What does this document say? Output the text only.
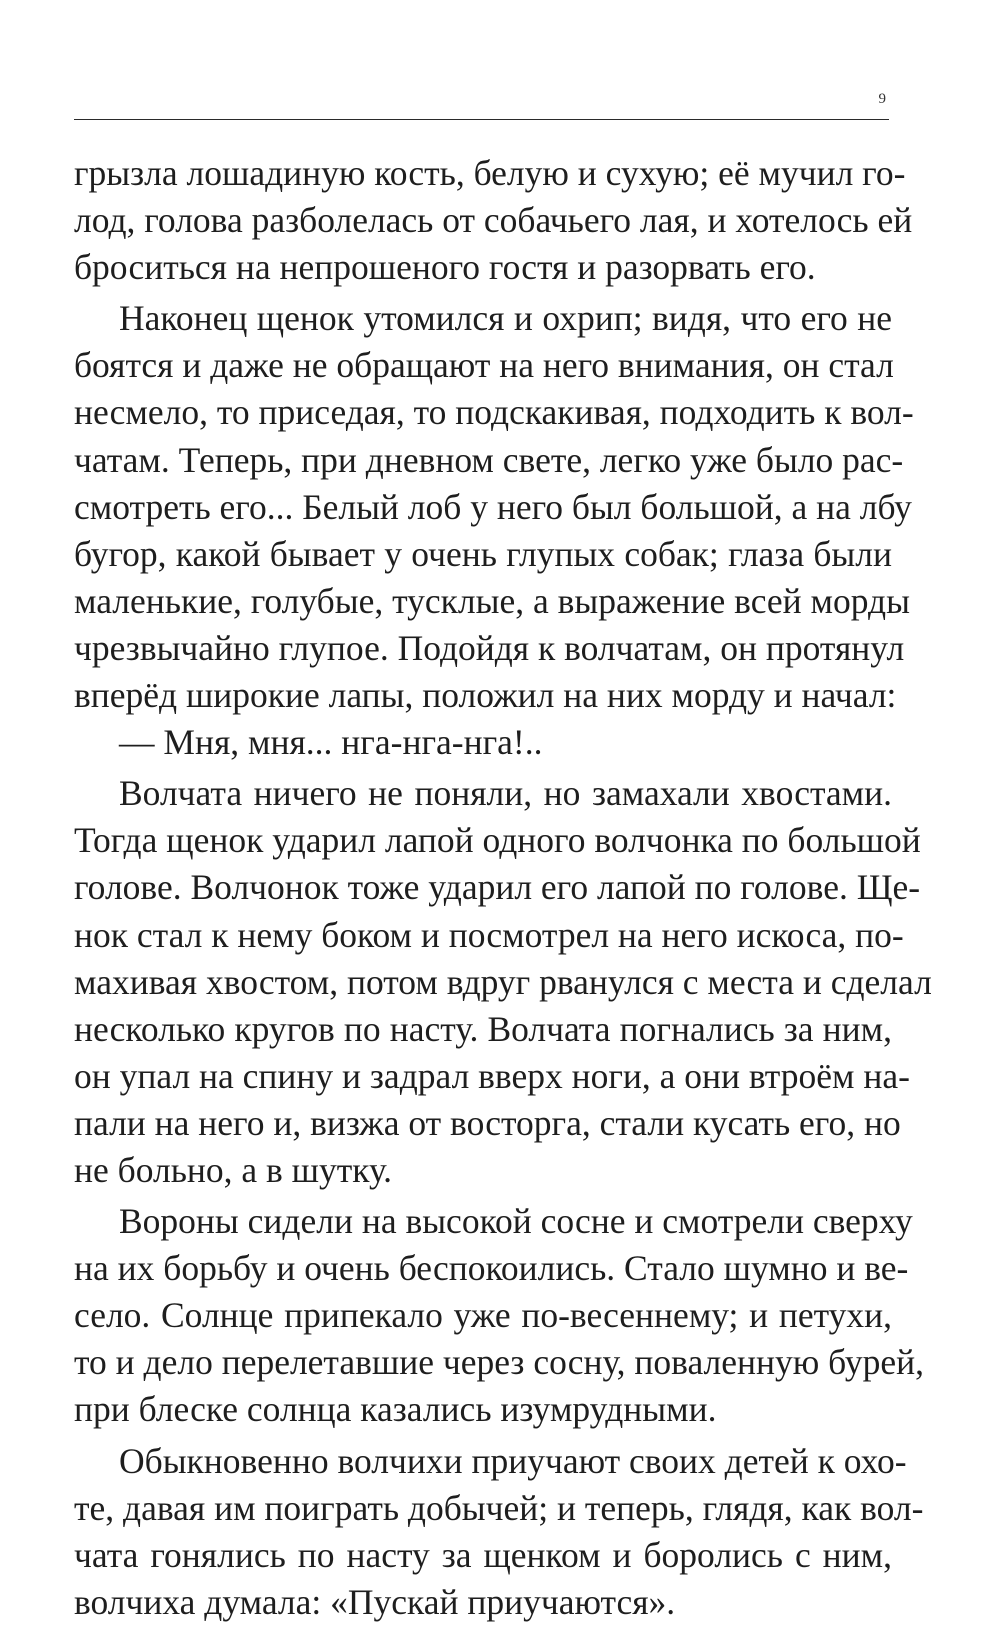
9
грызла лошадиную кость, белую и сухую; её мучил го-
лод, голова разболелась от собачьего лая, и хотелось ей
броситься на непрошеного гостя и разорвать его.
Наконец щенок утомился и охрип; видя, что его не
боятся и даже не обращают на него внимания, он стал
несмело, то приседая, то подскакивая, подходить к вол-
чатам. Теперь, при дневном свете, легко уже было рас-
смотреть его... Белый лоб у него был большой, а на лбу
бугор, какой бывает у очень глупых собак; глаза были
маленькие, голубые, тусклые, а выражение всей морды
чрезвычайно глупое. Подойдя к волчатам, он протянул
вперёд широкие лапы, положил на них морду и начал:
— Мня, мня... нга-нга-нга!..
Волчата ничего не поняли, но замахали хвостами.
Тогда щенок ударил лапой одного волчонка по большой
голове. Волчонок тоже ударил его лапой по голове. Ще-
нок стал к нему боком и посмотрел на него искоса, по-
махивая хвостом, потом вдруг рванулся с места и сделал
несколько кругов по насту. Волчата погнались за ним,
он упал на спину и задрал вверх ноги, а они втроём на-
пали на него и, визжа от восторга, стали кусать его, но
не больно, а в шутку.
Вороны сидели на высокой сосне и смотрели сверху
на их борьбу и очень беспокоились. Стало шумно и ве-
село. Солнце припекало уже по-весеннему; и петухи,
то и дело перелетавшие через сосну, поваленную бурей,
при блеске солнца казались изумрудными.
Обыкновенно волчихи приучают своих детей к охо-
те, давая им поиграть добычей; и теперь, глядя, как вол-
чата гонялись по насту за щенком и боролись с ним,
волчиха думала: «Пускай приучаются».
